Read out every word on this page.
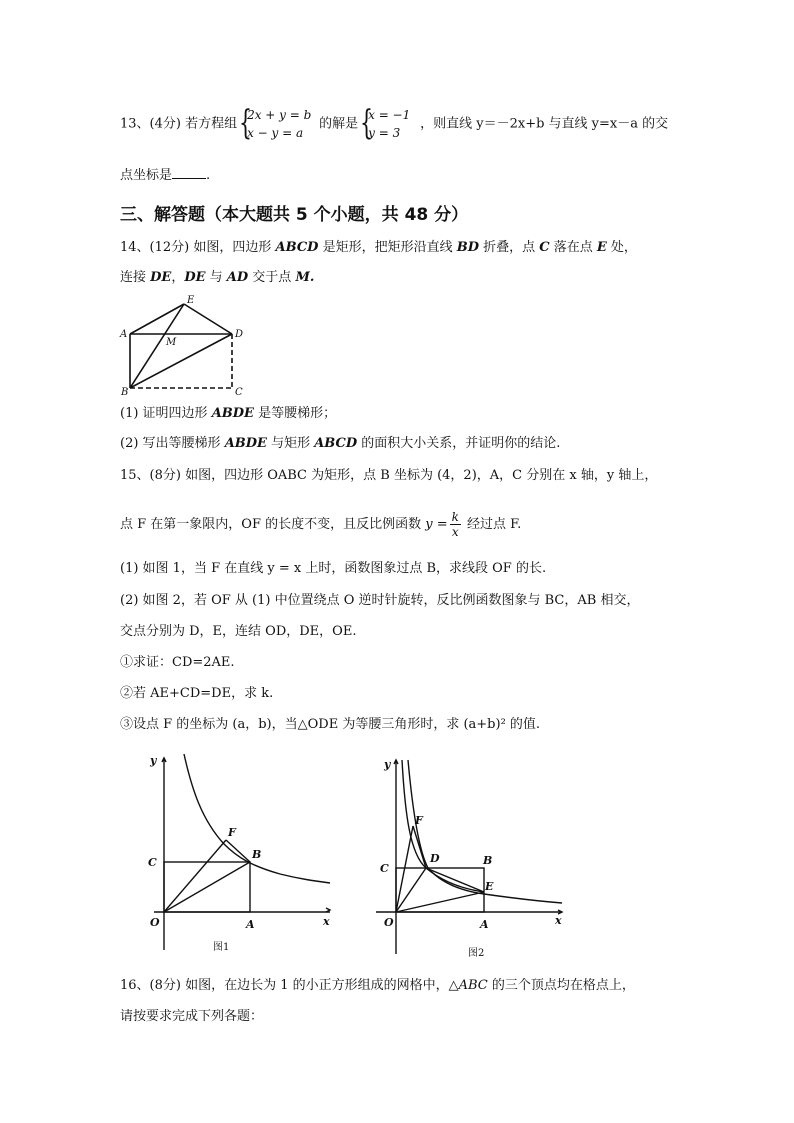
13、(4分) 若方程组 {
2x + y = b
x − y = a
的解是 {
x = −1
y = 3
，则直线 y＝－2x+b 与直线 y=x－a 的交
点坐标是	.
三、解答题（本大题共 5 个小题，共 48 分）
14、(12分) 如图，四边形 ABCD 是矩形，把矩形沿直线 BD 折叠，点 C 落在点 E 处，
连接 DE，DE 与 AD 交于点 M.
A
B	C
D
E
M
(1) 证明四边形 ABDE 是等腰梯形；
(2) 写出等腰梯形 ABDE 与矩形 ABCD 的面积大小关系，并证明你的结论.
15、(8分) 如图，四边形 OABC 为矩形，点 B 坐标为 (4，2)，A，C 分别在 x 轴，y 轴上，
点 F 在第一象限内，OF 的长度不变，且反比例函数 $y = \frac{k}{x}$ 经过点 F.
(1) 如图 1，当 F 在直线 y = x 上时，函数图象过点 B，求线段 OF 的长.
(2) 如图 2，若 OF 从 (1) 中位置绕点 O 逆时针旋转，反比例函数图象与 BC，AB 相交，
交点分别为 D，E，连结 OD，DE，OE.
①求证：CD=2AE.
②若 AE+CD=DE，求 k.
③设点 F 的坐标为 (a，b)，当△ODE 为等腰三角形时，求 (a+b)² 的值.
y
x
O	A
B
C
F
图1
y
x
O	A
B
C
D
E
F
图2
16、(8分) 如图，在边长为 1 的小正方形组成的网格中，△ABC 的三个顶点均在格点上，
请按要求完成下列各题：
